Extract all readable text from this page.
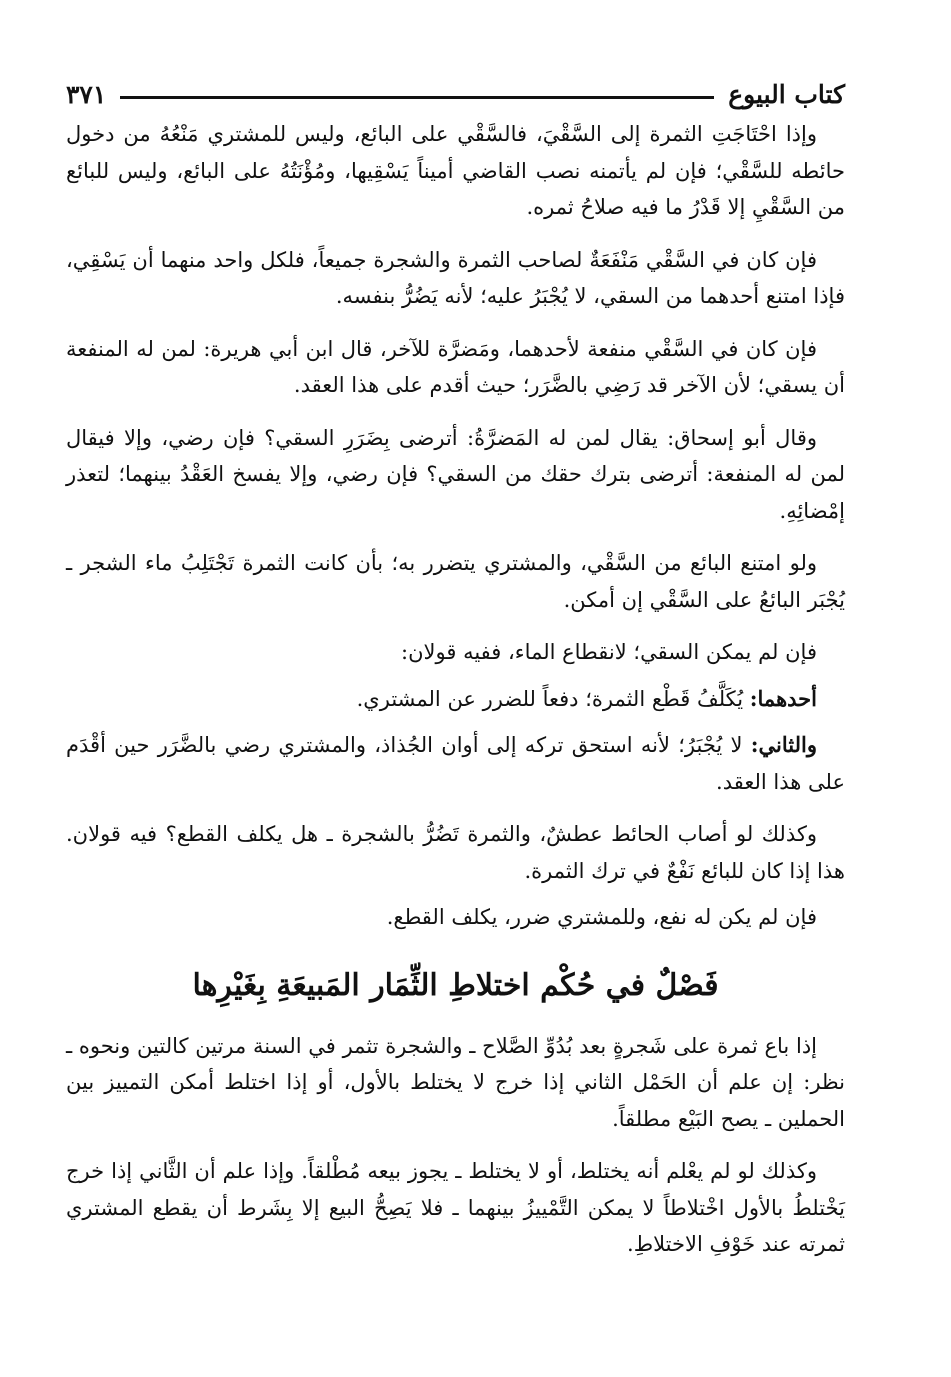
كتاب البيوع
٣٧١

وإذا احْتَاجَتِ الثمرة إلى السَّقْيَ، فالسَّقْي على البائع، وليس للمشتري مَنْعُهُ من دخول حائطه للسَّقْي؛ فإن لم يأتمنه نصب القاضي أميناً يَسْقِيها، ومُؤْنَتُهُ على البائع، وليس للبائع من السَّقْيِ إلا قَدْرُ ما فيه صلاحُ ثمره.

فإن كان في السَّقْي مَنْفَعَةٌ لصاحب الثمرة والشجرة جميعاً، فلكل واحد منهما أن يَسْقِي، فإذا امتنع أحدهما من السقي، لا يُجْبَرُ عليه؛ لأنه يَضُرُّ بنفسه.

فإن كان في السَّقْي منفعة لأحدهما، ومَضرَّة للآخر، قال ابن أبي هريرة: لمن له المنفعة أن يسقي؛ لأن الآخر قد رَضِي بالضَّرَر؛ حيث أقدم على هذا العقد.

وقال أبو إسحاق: يقال لمن له المَضرَّةُ: أترضى بِضَرَرِ السقي؟ فإن رضي، وإلا فيقال لمن له المنفعة: أترضى بترك حقك من السقي؟ فإن رضي، وإلا يفسخ العَقْدُ بينهما؛ لتعذر إمْضائِهِ.

ولو امتنع البائع من السَّقْي، والمشتري يتضرر به؛ بأن كانت الثمرة تَجْتَلِبُ ماء الشجر ـ يُجْبَر البائعُ على السَّقْي إن أمكن.

فإن لم يمكن السقي؛ لانقطاع الماء، ففيه قولان:

أحدهما: يُكَلَّفُ قَطْع الثمرة؛ دفعاً للضرر عن المشتري.

والثاني: لا يُجْبَرُ؛ لأنه استحق تركه إلى أوان الجُذاذ، والمشتري رضي بالضَّرَر حين أقْدَم على هذا العقد.

وكذلك لو أصاب الحائط عطشٌ، والثمرة تَضُرُّ بالشجرة ـ هل يكلف القطع؟ فيه قولان. هذا إذا كان للبائع نَفْعٌ في ترك الثمرة.

فإن لم يكن له نفع، وللمشتري ضرر، يكلف القطع.

فَصْلٌ في حُكْم اختلاطِ الثِّمَار المَبيعَةِ بِغَيْرِها

إذا باع ثمرة على شَجرةٍ بعد بُدُوِّ الصَّلاح ـ والشجرة تثمر في السنة مرتين كالتين ونحوه ـ نظر: إن علم أن الحَمْل الثاني إذا خرج لا يختلط بالأول، أو إذا اختلط أمكن التمييز بين الحملين ـ يصح البَيْع مطلقاً.

وكذلك لو لم يعْلم أنه يختلط، أو لا يختلط ـ يجوز بيعه مُطْلقاً. وإذا علم أن الثَّاني إذا خرج يَخْتلطُ بالأول اخْتلاطاً لا يمكن التَّمْييزُ بينهما ـ فلا يَصِحُّ البيع إلا بِشَرط أن يقطع المشتري ثمرته عند خَوْفِ الاختلاطِ.
